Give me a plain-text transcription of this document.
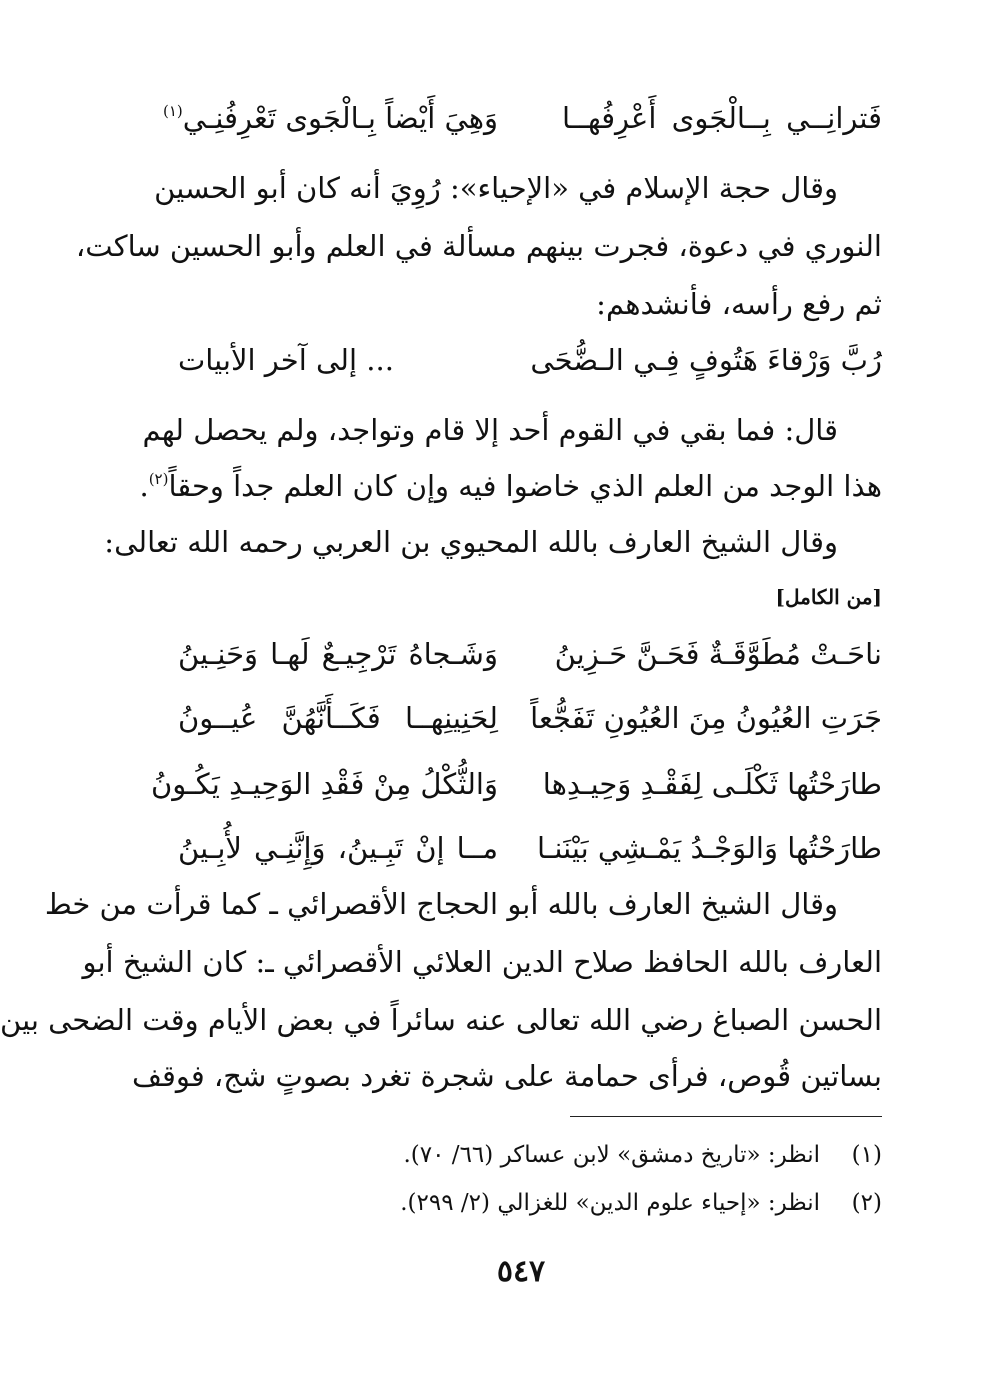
فَترانِــي بِــالْجَوى أَعْرِفُهــا
وَهِيَ أَيْضاً بِـالْجَوى تَعْرِفُنِـي$^{(١)}$
وقال حجة الإسلام في «الإحياء»: رُوِيَ أنه كان أبو الحسين
النوري في دعوة، فجرت بينهم مسألة في العلم وأبو الحسين ساكت،
ثم رفع رأسه، فأنشدهم:
رُبَّ وَرْقاءَ هَتُوفٍ فِـي الـضُّحَى
... إلى آخر الأبيات
قال: فما بقي في القوم أحد إلا قام وتواجد، ولم يحصل لهم
هذا الوجد من العلم الذي خاضوا فيه وإن كان العلم جداً وحقاً$^{(٢)}$.
وقال الشيخ العارف بالله المحيوي بن العربي رحمه الله تعالى:
[من الكامل]
ناحَـتْ مُطَوَّقَـةٌ فَحَـنَّ حَـزِينُ
وَشَـجاهُ تَرْجِيـعٌ لَهـا وَحَنِـينُ
جَرَتِ العُيُونُ مِنَ العُيُونِ تَفَجُّعاً
لِحَنِينِهــا فَكَــأَنَّهُنَّ عُيــونُ
طارَحْتُها ثَكْلَـى لِفَقْـدِ وَحِيـدِها
وَالثُّكْلُ مِنْ فَقْدِ الوَحِيـدِ يَكُـونُ
طارَحْتُها وَالوَجْـدُ يَمْـشِي بَيْنَنـا
مــا إنْ تَبِـينُ، وَإِنَّنِـي لأُبِـينُ
وقال الشيخ العارف بالله أبو الحجاج الأقصرائي ـ كما قرأت من خط
العارف بالله الحافظ صلاح الدين العلائي الأقصرائي ـ: كان الشيخ أبو
الحسن الصباغ رضي الله تعالى عنه سائراً في بعض الأيام وقت الضحى بين
بساتين قُوص، فرأى حمامة على شجرة تغرد بصوتٍ شج، فوقف
(١)انظر: «تاريخ دمشق» لابن عساكر (٦٦/ ٧٠).
(٢)انظر: «إحياء علوم الدين» للغزالي (٢/ ٢٩٩).
٥٤٧
